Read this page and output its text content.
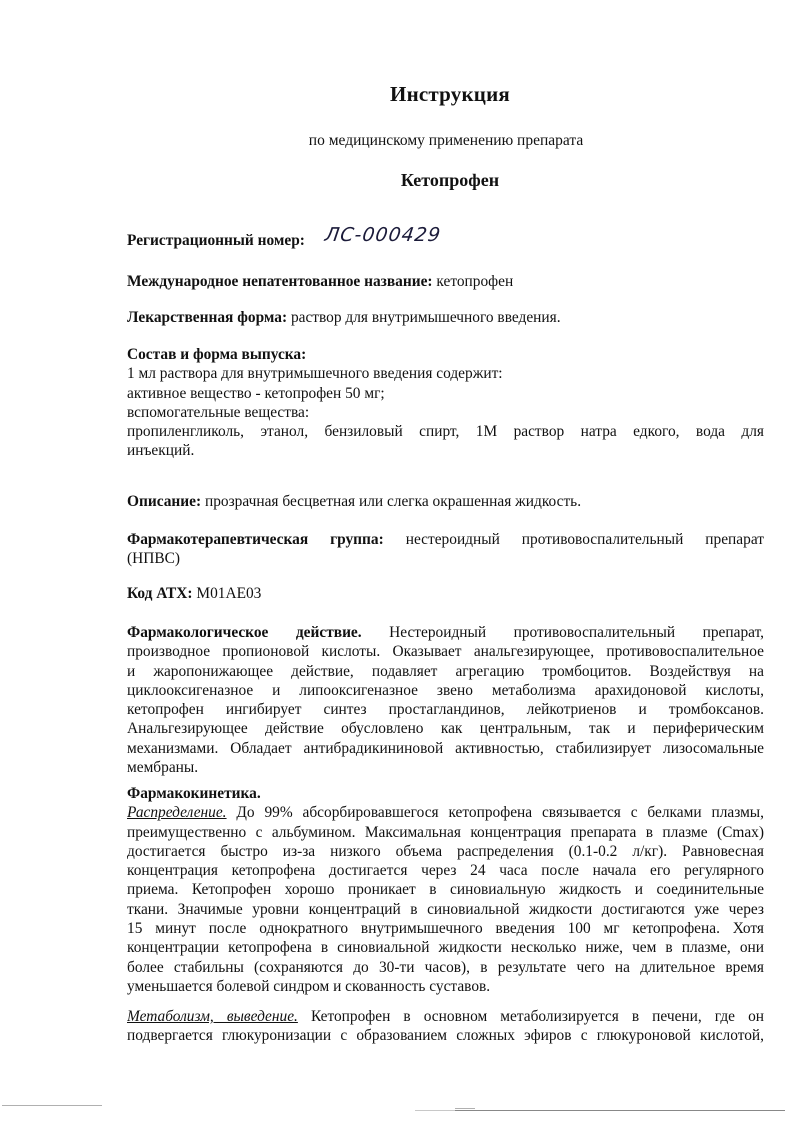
Инструкция
по медицинскому применению препарата
Кетопрофен
Регистрационный номер: ЛС-000429
Международное непатентованное название: кетопрофен
Лекарственная форма: раствор для внутримышечного введения.
Состав и форма выпуска:
1 мл раствора для внутримышечного введения содержит:
активное вещество - кетопрофен 50 мг;
вспомогательные вещества:
пропиленгликоль, этанол, бензиловый спирт, 1М раствор натра едкого, вода для
инъекций.
Описание: прозрачная бесцветная или слегка окрашенная жидкость.
Фармакотерапевтическая группа: нестероидный противовоспалительный препарат
(НПВС)
Код АТХ: M01AE03
Фармакологическое действие. Нестероидный противовоспалительный препарат,
производное пропионовой кислоты. Оказывает анальгезирующее, противовоспалительное
и жаропонижающее действие, подавляет агрегацию тромбоцитов. Воздействуя на
циклооксигеназное и липооксигеназное звено метаболизма арахидоновой кислоты,
кетопрофен ингибирует синтез простагландинов, лейкотриенов и тромбоксанов.
Анальгезирующее действие обусловлено как центральным, так и периферическим
механизмами. Обладает антибрадикининовой активностью, стабилизирует лизосомальные
мембраны.
Фармакокинетика.
Распределение. До 99% абсорбировавшегося кетопрофена связывается с белками плазмы,
преимущественно с альбумином. Максимальная концентрация препарата в плазме (Cmax)
достигается быстро из-за низкого объема распределения (0.1-0.2 л/кг). Равновесная
концентрация кетопрофена достигается через 24 часа после начала его регулярного
приема. Кетопрофен хорошо проникает в синовиальную жидкость и соединительные
ткани. Значимые уровни концентраций в синовиальной жидкости достигаются уже через
15 минут после однократного внутримышечного введения 100 мг кетопрофена. Хотя
концентрации кетопрофена в синовиальной жидкости несколько ниже, чем в плазме, они
более стабильны (сохраняются до 30-ти часов), в результате чего на длительное время
уменьшается болевой синдром и скованность суставов.
Метаболизм, выведение. Кетопрофен в основном метаболизируется в печени, где он
подвергается глюкуронизации с образованием сложных эфиров с глюкуроновой кислотой,
